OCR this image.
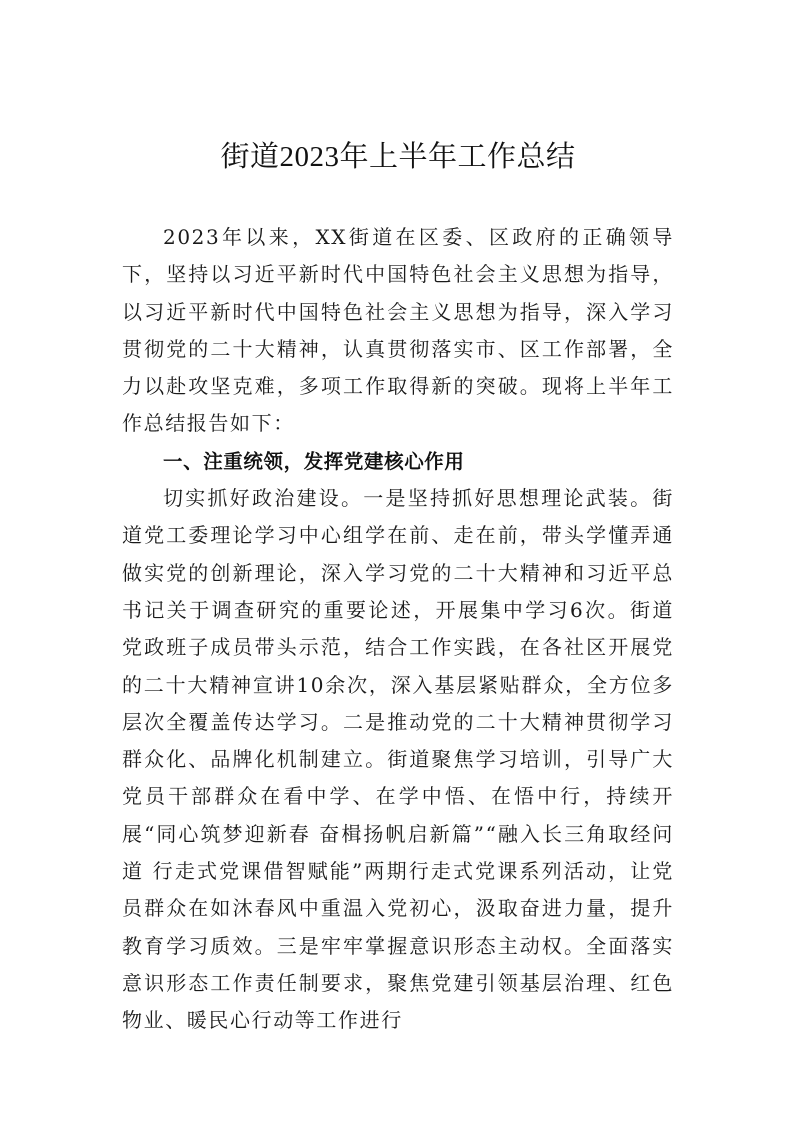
街道2023年上半年工作总结

2023年以来，XX街道在区委、区政府的正确领导下，坚持以习近平新时代中国特色社会主义思想为指导，以习近平新时代中国特色社会主义思想为指导，深入学习贯彻党的二十大精神，认真贯彻落实市、区工作部署，全力以赴攻坚克难，多项工作取得新的突破。现将上半年工作总结报告如下：

一、注重统领，发挥党建核心作用

切实抓好政治建设。一是坚持抓好思想理论武装。街道党工委理论学习中心组学在前、走在前，带头学懂弄通做实党的创新理论，深入学习党的二十大精神和习近平总书记关于调查研究的重要论述，开展集中学习6次。街道党政班子成员带头示范，结合工作实践，在各社区开展党的二十大精神宣讲10余次，深入基层紧贴群众，全方位多层次全覆盖传达学习。二是推动党的二十大精神贯彻学习群众化、品牌化机制建立。街道聚焦学习培训，引导广大党员干部群众在看中学、在学中悟、在悟中行，持续开展“同心筑梦迎新春 奋楫扬帆启新篇”“融入长三角取经问道 行走式党课借智赋能”两期行走式党课系列活动，让党员群众在如沐春风中重温入党初心，汲取奋进力量，提升教育学习质效。三是牢牢掌握意识形态主动权。全面落实意识形态工作责任制要求，聚焦党建引领基层治理、红色物业、暖民心行动等工作进行
